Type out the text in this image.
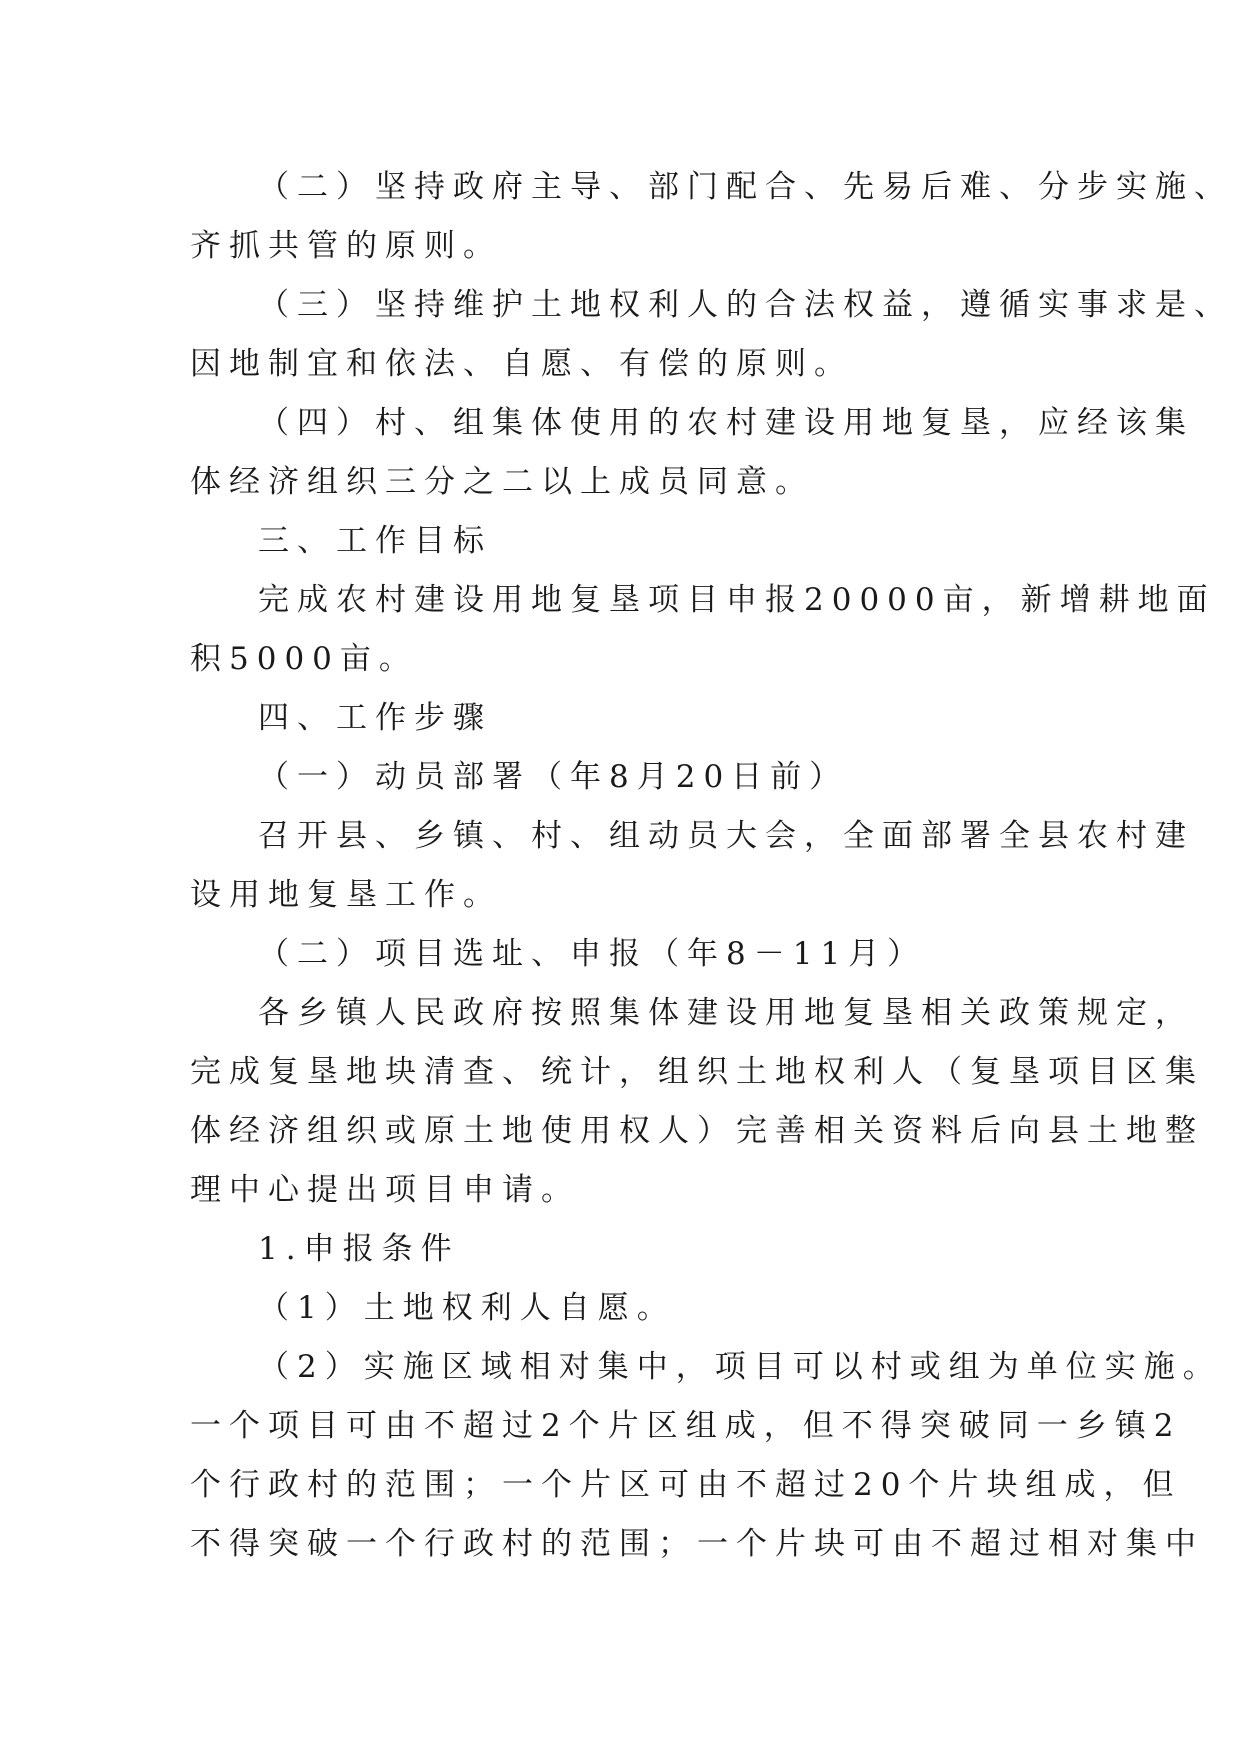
（二）坚持政府主导、部门配合、先易后难、分步实施、
齐抓共管的原则。
（三）坚持维护土地权利人的合法权益，遵循实事求是、
因地制宜和依法、自愿、有偿的原则。
（四）村、组集体使用的农村建设用地复垦，应经该集
体经济组织三分之二以上成员同意。
三、工作目标
完成农村建设用地复垦项目申报20000亩，新增耕地面
积5000亩。
四、工作步骤
（一）动员部署（年8月20日前）
召开县、乡镇、村、组动员大会，全面部署全县农村建
设用地复垦工作。
（二）项目选址、申报（年8－11月）
各乡镇人民政府按照集体建设用地复垦相关政策规定，
完成复垦地块清查、统计，组织土地权利人（复垦项目区集
体经济组织或原土地使用权人）完善相关资料后向县土地整
理中心提出项目申请。
1.申报条件
（1）土地权利人自愿。
（2）实施区域相对集中，项目可以村或组为单位实施。
一个项目可由不超过2个片区组成，但不得突破同一乡镇2
个行政村的范围；一个片区可由不超过20个片块组成，但
不得突破一个行政村的范围；一个片块可由不超过相对集中
